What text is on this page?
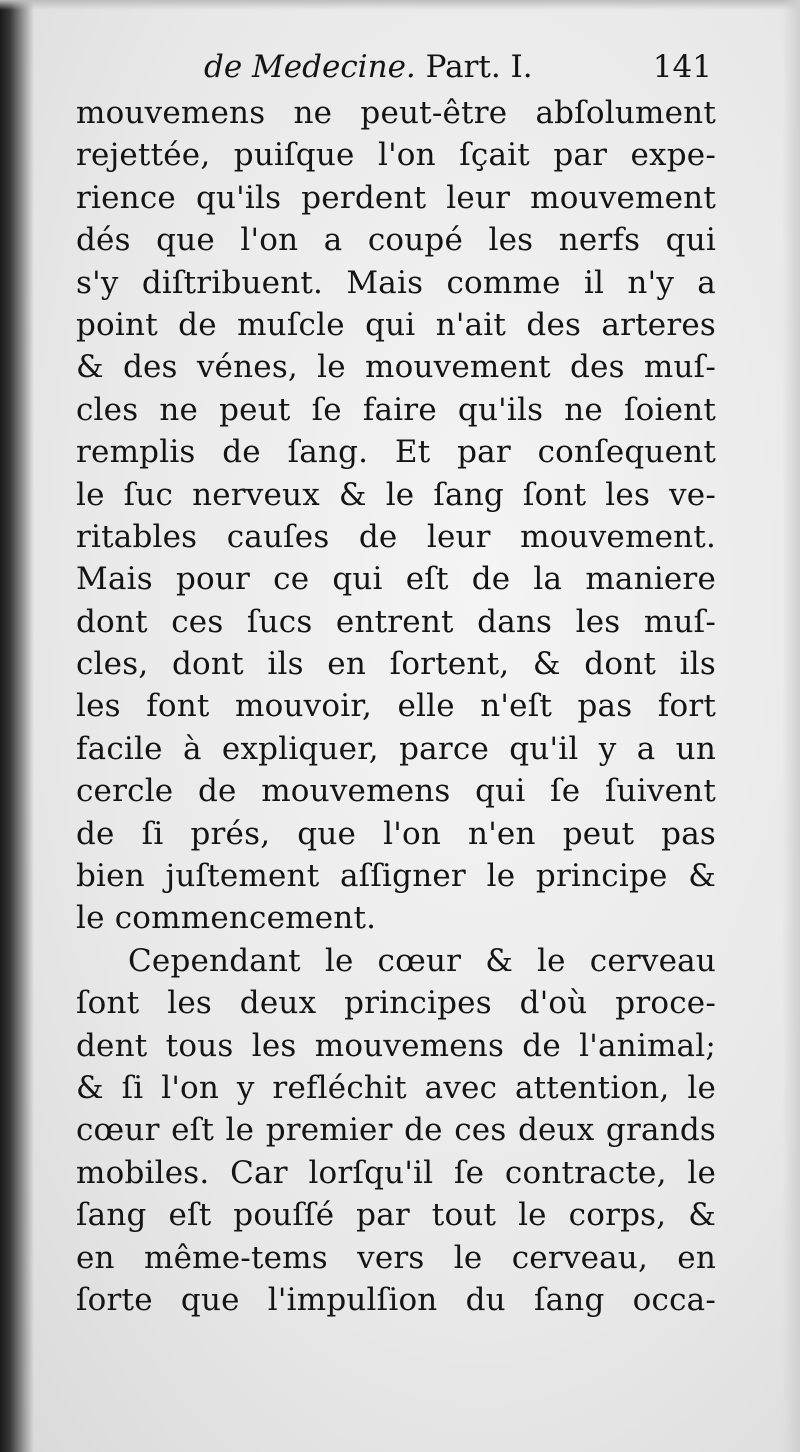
de Medecine. Part. I.	141
mouvemens ne peut-être abſolument
rejettée, puiſque l'on ſçait par expe-
rience qu'ils perdent leur mouvement
dés que l'on a coupé les nerfs qui
s'y diſtribuent. Mais comme il n'y a
point de muſcle qui n'ait des arteres
& des vénes, le mouvement des muſ-
cles ne peut ſe faire qu'ils ne ſoient
remplis de ſang. Et par conſequent
le ſuc nerveux & le ſang ſont les ve-
ritables cauſes de leur mouvement.
Mais pour ce qui eſt de la maniere
dont ces ſucs entrent dans les muſ-
cles, dont ils en ſortent, & dont ils
les font mouvoir, elle n'eſt pas fort
facile à expliquer, parce qu'il y a un
cercle de mouvemens qui ſe ſuivent
de ſi prés, que l'on n'en peut pas
bien juſtement aſſigner le principe &
le commencement.
Cependant le cœur & le cerveau
ſont les deux principes d'où proce-
dent tous les mouvemens de l'animal;
& ſi l'on y refléchit avec attention, le
cœur eſt le premier de ces deux grands
mobiles. Car lorſqu'il ſe contracte, le
ſang eſt pouſſé par tout le corps, &
en même-tems vers le cerveau, en
ſorte que l'impulſion du ſang occa-
